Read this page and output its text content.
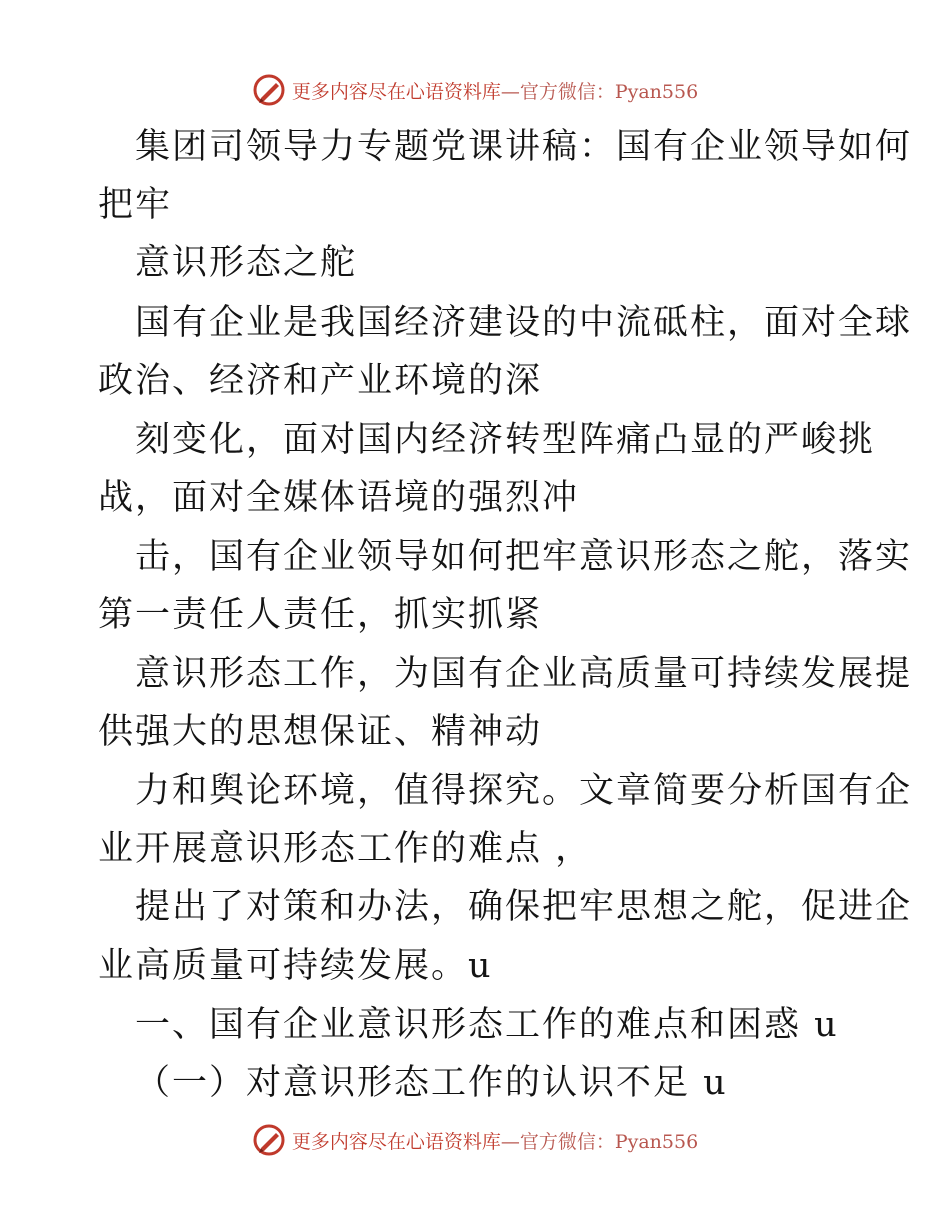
更多内容尽在心语资料库—官方微信：Pyan556
集团司领导力专题党课讲稿：国有企业领导如何
把牢
意识形态之舵
国有企业是我国经济建设的中流砥柱，面对全球
政治、经济和产业环境的深
刻变化，面对国内经济转型阵痛凸显的严峻挑
战，面对全媒体语境的强烈冲
击，国有企业领导如何把牢意识形态之舵，落实
第一责任人责任，抓实抓紧
意识形态工作，为国有企业高质量可持续发展提
供强大的思想保证、精神动
力和舆论环境，值得探究。文章简要分析国有企
业开展意识形态工作的难点 ，
提出了对策和办法，确保把牢思想之舵，促进企
业高质量可持续发展。u
一、国有企业意识形态工作的难点和困惑 u
（一）对意识形态工作的认识不足 u
更多内容尽在心语资料库—官方微信：Pyan556
